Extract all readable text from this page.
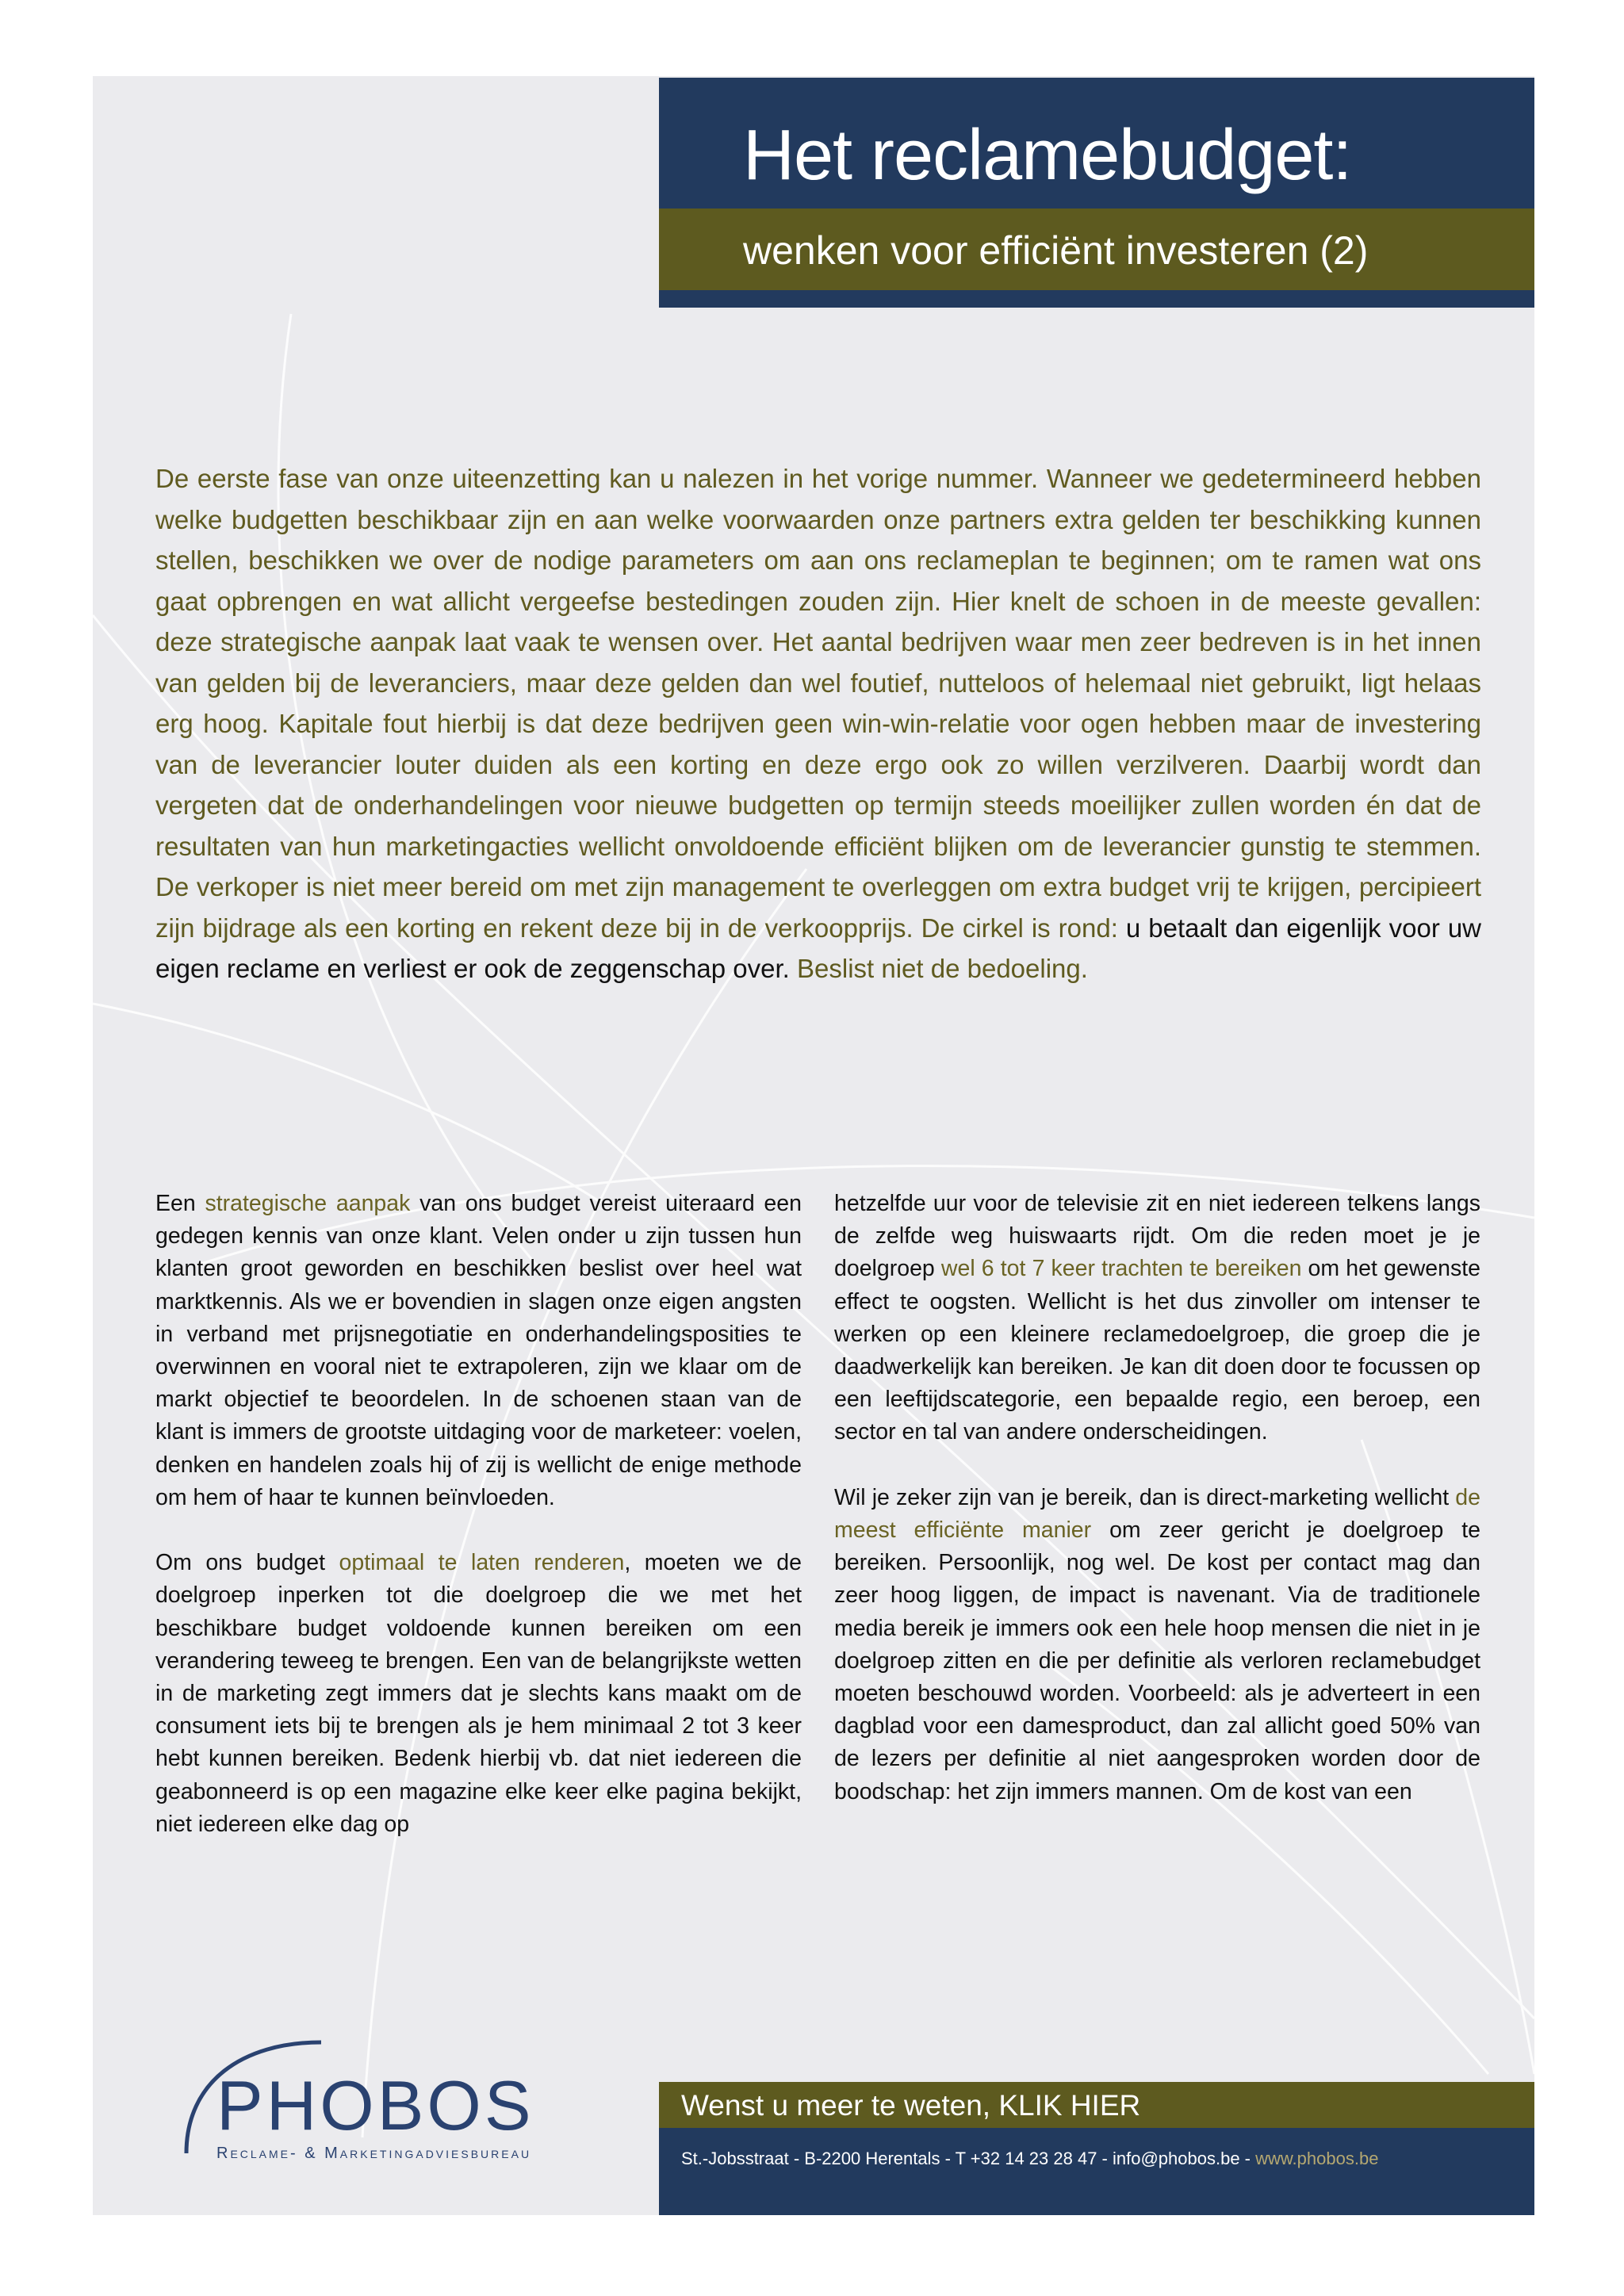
Het reclamebudget:
wenken voor efficiënt investeren (2)

De eerste fase van onze uiteenzetting kan u nalezen in het vorige nummer. Wanneer we gedetermineerd hebben welke budgetten beschikbaar zijn en aan welke voorwaarden onze partners extra gelden ter beschikking kunnen stellen, beschikken we over de nodige parameters om aan ons reclameplan te beginnen; om te ramen wat ons gaat opbrengen en wat allicht vergeefse bestedingen zouden zijn. Hier knelt de schoen in de meeste gevallen: deze strategische aanpak laat vaak te wensen over. Het aantal bedrijven waar men zeer bedreven is in het innen van gelden bij de leveranciers, maar deze gelden dan wel foutief, nutteloos of helemaal niet gebruikt, ligt helaas erg hoog. Kapitale fout hierbij is dat deze bedrijven geen win-win-relatie voor ogen hebben maar de investering van de leverancier louter duiden als een korting en deze ergo ook zo willen verzilveren. Daarbij wordt dan vergeten dat de onderhandelingen voor nieuwe budgetten op termijn steeds moeilijker zullen worden én dat de resultaten van hun marketingacties wellicht onvoldoende efficiënt blijken om de leverancier gunstig te stemmen. De verkoper is niet meer bereid om met zijn management te overleggen om extra budget vrij te krijgen, percipieert zijn bijdrage als een korting en rekent deze bij in de verkoopprijs. De cirkel is rond: u betaalt dan eigenlijk voor uw eigen reclame en verliest er ook de zeggenschap over. Beslist niet de bedoeling.

Een strategische aanpak van ons budget vereist uiteraard een gedegen kennis van onze klant. Velen onder u zijn tussen hun klanten groot geworden en beschikken beslist over heel wat marktkennis. Als we er bovendien in slagen onze eigen angsten in verband met prijsnegotiatie en onderhandelingsposities te overwinnen en vooral niet te extrapoleren, zijn we klaar om de markt objectief te beoordelen. In de schoenen staan van de klant is immers de grootste uitdaging voor de marketeer: voelen, denken en handelen zoals hij of zij is wellicht de enige methode om hem of haar te kunnen beïnvloeden.

Om ons budget optimaal te laten renderen, moeten we de doelgroep inperken tot die doelgroep die we met het beschikbare budget voldoende kunnen bereiken om een verandering teweeg te brengen. Een van de belangrijkste wetten in de marketing zegt immers dat je slechts kans maakt om de consument iets bij te brengen als je hem minimaal 2 tot 3 keer hebt kunnen bereiken. Bedenk hierbij vb. dat niet iedereen die geabonneerd is op een magazine elke keer elke pagina bekijkt, niet iedereen elke dag op

hetzelfde uur voor de televisie zit en niet iedereen telkens langs de zelfde weg huiswaarts rijdt. Om die reden moet je je doelgroep wel 6 tot 7 keer trachten te bereiken om het gewenste effect te oogsten. Wellicht is het dus zinvoller om intenser te werken op een kleinere reclamedoelgroep, die groep die je daadwerkelijk kan bereiken. Je kan dit doen door te focussen op een leeftijdscategorie, een bepaalde regio, een beroep, een sector en tal van andere onderscheidingen.

Wil je zeker zijn van je bereik, dan is direct-marketing wellicht de meest efficiënte manier om zeer gericht je doelgroep te bereiken. Persoonlijk, nog wel. De kost per contact mag dan zeer hoog liggen, de impact is navenant. Via de traditionele media bereik je immers ook een hele hoop mensen die niet in je doelgroep zitten en die per definitie als verloren reclamebudget moeten beschouwd worden. Voorbeeld: als je adverteert in een dagblad voor een damesproduct, dan zal allicht goed 50% van de lezers per definitie al niet aangesproken worden door de boodschap: het zijn immers mannen. Om de kost van een

PHOBOS
Reclame- & Marketingadviesbureau
Wenst u meer te weten, KLIK HIER
St.-Jobsstraat - B-2200 Herentals - T +32 14 23 28 47 - info@phobos.be - www.phobos.be
